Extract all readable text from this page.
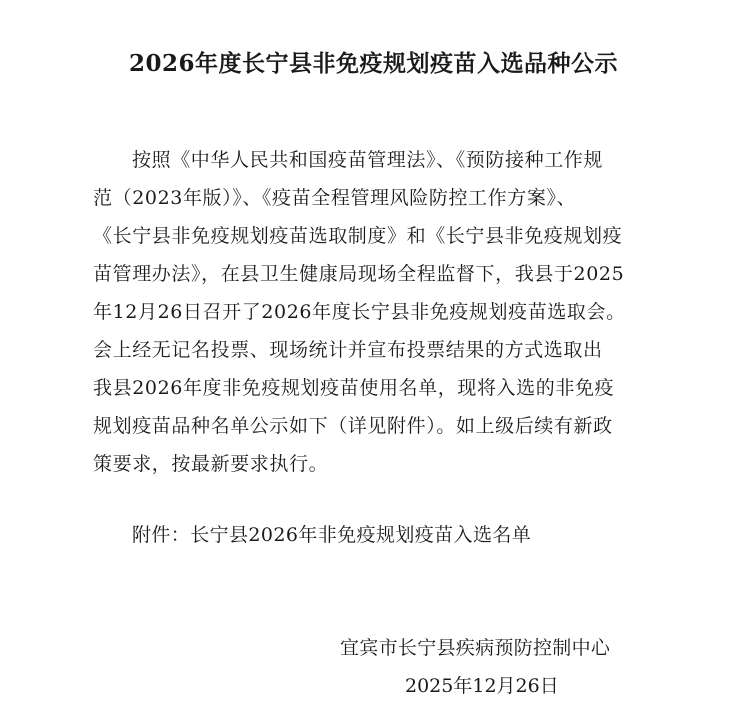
2026年度长宁县非免疫规划疫苗入选品种公示
按照《中华人民共和国疫苗管理法》、《预防接种工作规
范（2023年版）》、《疫苗全程管理风险防控工作方案》、
《长宁县非免疫规划疫苗选取制度》和《长宁县非免疫规划疫
苗管理办法》，在县卫生健康局现场全程监督下，我县于2025
年12月26日召开了2026年度长宁县非免疫规划疫苗选取会。
会上经无记名投票、现场统计并宣布投票结果的方式选取出
我县2026年度非免疫规划疫苗使用名单，现将入选的非免疫
规划疫苗品种名单公示如下（详见附件）。如上级后续有新政
策要求，按最新要求执行。
附件：长宁县2026年非免疫规划疫苗入选名单
宜宾市长宁县疾病预防控制中心
2025年12月26日
